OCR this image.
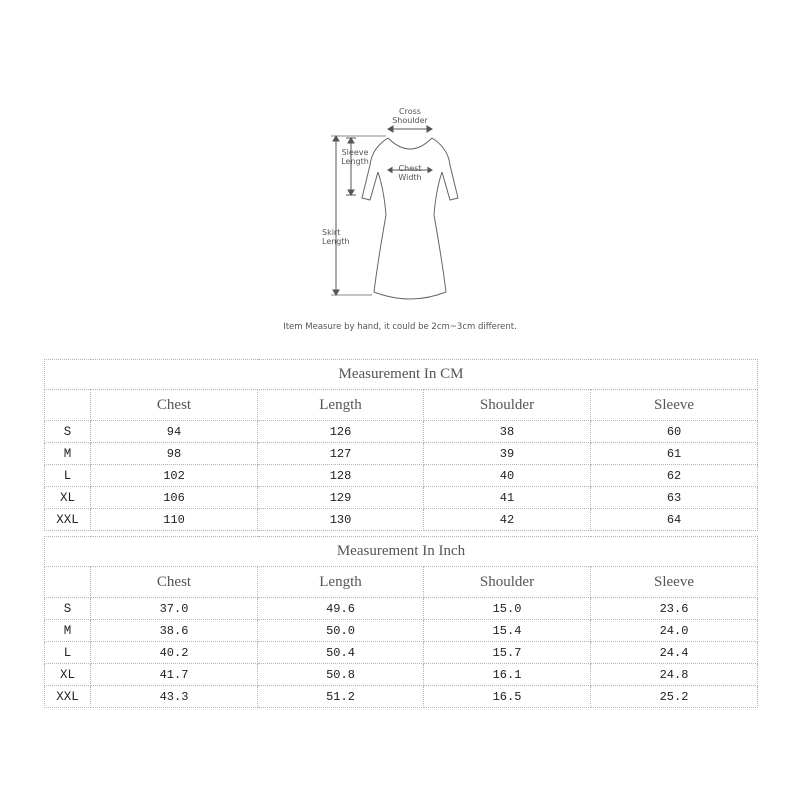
Cross
Shoulder
Sleeve
Length
Chest
Width
Skirt
Length
Item Measure by hand, it could be 2cm~3cm different.
Measurement In CM				
	Chest	Length	Shoulder	Sleeve
S	94	126	38	60
M	98	127	39	61
L	102	128	40	62
XL	106	129	41	63
XXL	110	130	42	64
Measurement In Inch				
	Chest	Length	Shoulder	Sleeve
S	37.0	49.6	15.0	23.6
M	38.6	50.0	15.4	24.0
L	40.2	50.4	15.7	24.4
XL	41.7	50.8	16.1	24.8
XXL	43.3	51.2	16.5	25.2
